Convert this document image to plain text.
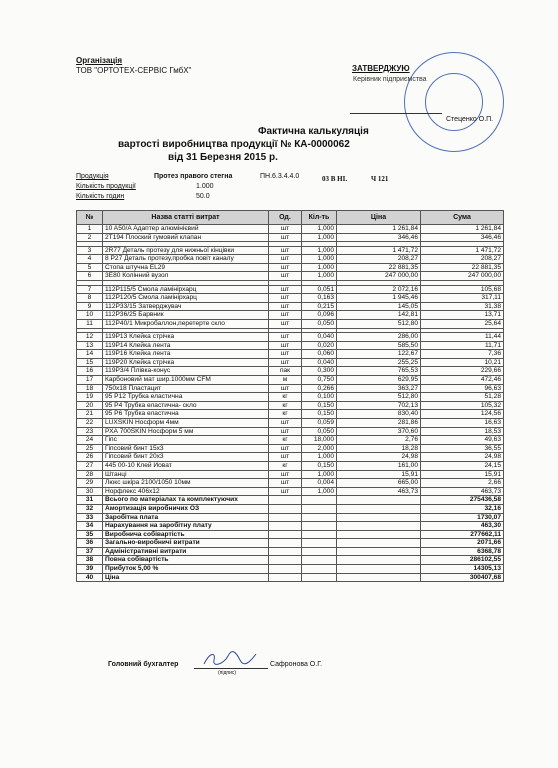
Організація
ТОВ "ОРТОТЕХ-СЕРВІС ГмбХ"	ЗАТВЕРДЖУЮ
Керівник підприємства
Стеценко О.П.
Фактична калькуляція
вартості виробництва продукції № КА-0000062
від 31 Березня 2015 р.
Продукція	Протез правого стегна	ПН.6.3.4.4.0	03 В НІ.	Ч 121
Кількість продукції	1.000
Кількість годин	50.0
№	Назва статті витрат	Од.	Кіл-ть	Ціна	Сума
1	10 A50/A Адаптер алюмінієвий	шт	1,000	1 261,84	1 261,84
2	2Т194 Плоский гумовий клапан	шт	1,000	346,46	346,46

3	2R77 Деталь протезу для нижньої кінцівки	шт	1,000	1 471,72	1 471,72
4	8 Р27 Деталь протезу,пробка повіт каналу	шт	1,000	208,27	208,27
5	Стопа штучна EL29	шт	1,000	22 881,35	22 881,35
6	3E80 Колінний вузол	шт	1,000	247 000,00	247 000,00

7	112Р115/5 Смола ламінірхарц	шт	0,051	2 072,16	105,68
8	112Р120/5 Смола ламінірхарц	шт	0,163	1 945,46	317,11
9	112Р33/15 Затверджувач	шт	0,215	145,05	31,38
10	112Р36/25 Барвник	шт	0,096	142,81	13,71
11	112Р40/1 Микробаллон,перетерте скло	шт	0,050	512,80	25,64

12	119Р13 Клейка стрічка	шт	0,040	286,00	11,44
13	119Р14 Клейка лента	шт	0,020	585,50	11,71
14	119Р16 Клейка лента	шт	0,060	122,67	7,36
15	119Р20 Клейка стрічка	шт	0,040	255,25	10,21
16	119Р3/4 Плівка-конус	пак	0,300	765,53	229,66
17	Карбоновий мат шир.1000мм СFМ	м	0,750	629,95	472,46
18	750х18 Пластацит	шт	0,266	363,27	96,63
19	95 Р12 Трубка еластична	кг	0,100	512,80	51,28
20	95 Р4 Трубка еластична- скло	кг	0,150	702,13	105,32
21	95 Р6 Трубка еластична	кг	0,150	830,40	124,56
22	LUXSKIN Носформ 4мм	шт	0,059	281,86	16,63
23	РХА 700SKIN Носформ 5 мм	шт	0,050	370,60	18,53
24	Гіпс	кг	18,000	2,76	49,63
25	Гіпсовий бинт 15х3	шт	2,000	18,28	36,55
26	Гіпсовий бинт 20х3	шт	1,000	24,98	24,98
27	445 00-10 Клей Йоват	кг	0,150	161,00	24,15
28	Штанці	шт	1,000	15,91	15,91
29	Люкс шкіра 2100/1050 10мм	шт	0,004	665,00	2,66
30	Норфлекс 406х12	шт	1,000	463,73	463,73
31	Всього по матеріалах та комплектуючих				275436,58
32	Амортизація виробничих ОЗ				32,16
33	Заробітна плата				1730,07
34	Нарахування на заробітну плату				463,30
35	Виробнича собівартість				277662,11
36	Загально-виробничі витрати				2071,66
37	Адміністративні витрати				6368,78
38	Повна собівартість				286102,55
39	Прибуток 5,00 %				14305,13
40	Ціна				300407,68
Головний бухгалтер	Сафронова О.Г.
(підпис)
